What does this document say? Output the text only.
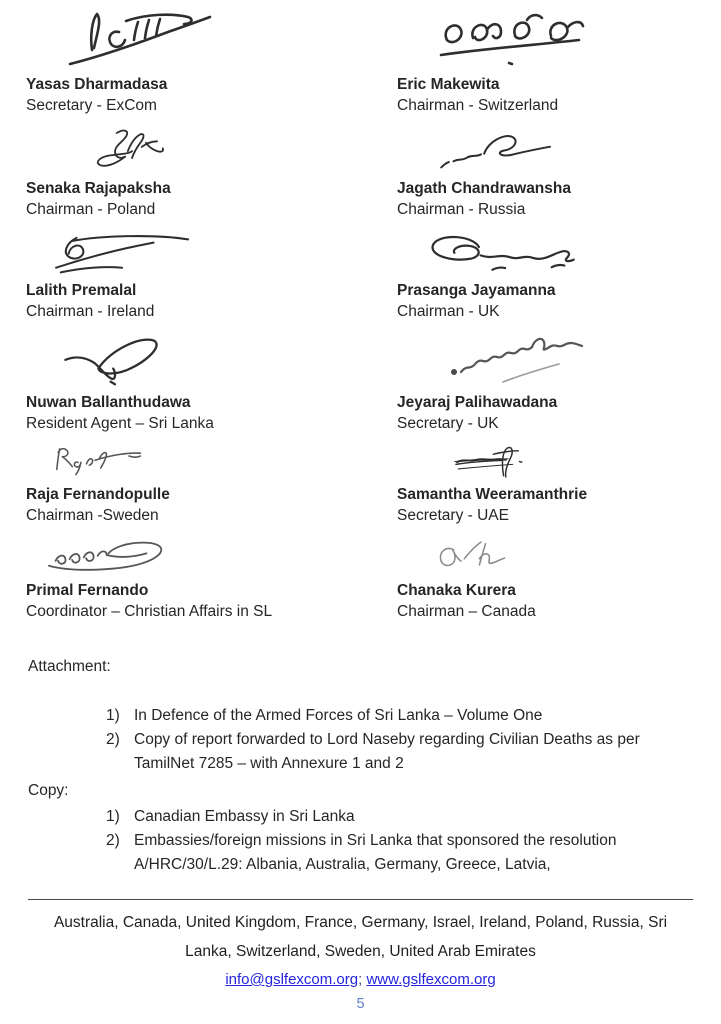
Yasas Dharmadasa
Secretary - ExCom
Eric Makewita
Chairman - Switzerland
Senaka Rajapaksha
Chairman - Poland
Jagath Chandrawansha
Chairman - Russia
Lalith Premalal
Chairman - Ireland
Prasanga Jayamanna
Chairman - UK
Nuwan Ballanthudawa
Resident Agent – Sri Lanka
Jeyaraj Palihawadana
Secretary - UK
Raja Fernandopulle
Chairman -Sweden
Samantha Weeramanthrie
Secretary - UAE
Primal Fernando
Coordinator – Christian Affairs in SL
Chanaka Kurera
Chairman – Canada
Attachment:
1) In Defence of the Armed Forces of Sri Lanka – Volume One
2) Copy of report forwarded to Lord Naseby regarding Civilian Deaths as per TamilNet 7285 – with Annexure 1 and 2
Copy:
1) Canadian Embassy in Sri Lanka
2) Embassies/foreign missions in Sri Lanka that sponsored the resolution A/HRC/30/L.29: Albania, Australia, Germany, Greece, Latvia,
Australia, Canada, United Kingdom, France, Germany, Israel, Ireland, Poland, Russia, Sri Lanka, Switzerland, Sweden, United Arab Emirates
info@gslfexcom.org; www.gslfexcom.org
5
